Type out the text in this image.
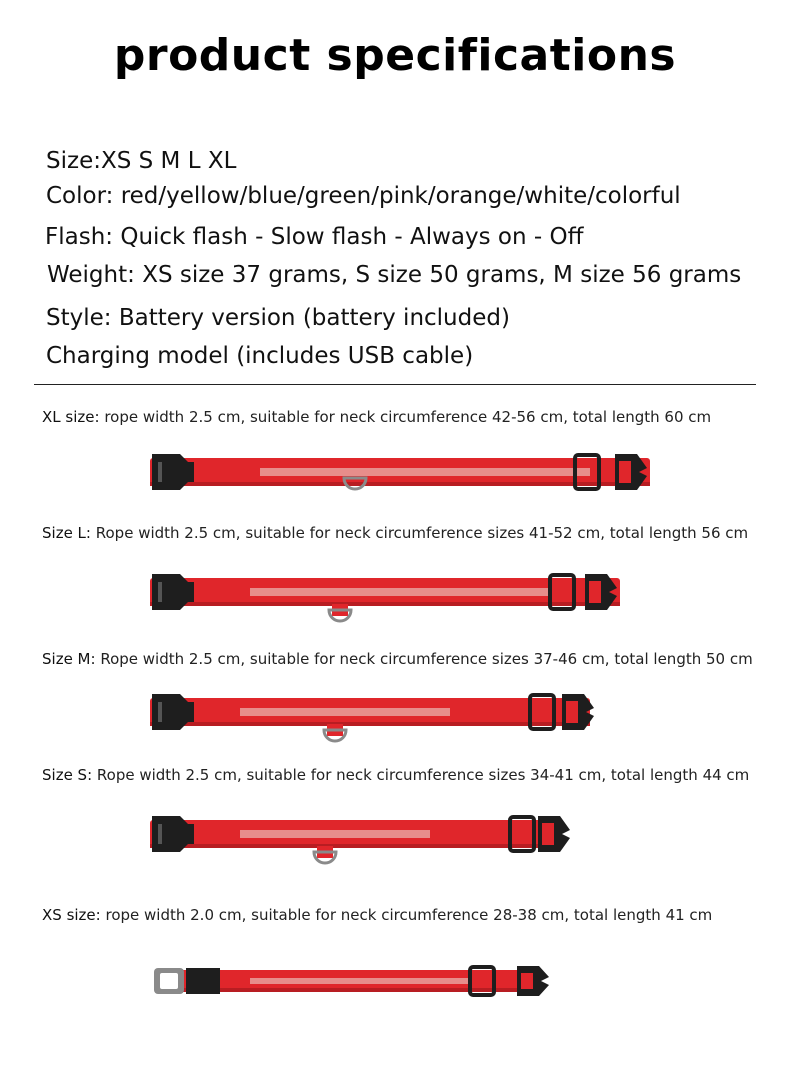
product specifications
Size:XS S M L XL
Color: red/yellow/blue/green/pink/orange/white/colorful
Flash: Quick flash - Slow flash - Always on - Off
Weight: XS size 37 grams, S size 50 grams, M size 56 grams
Style: Battery version (battery included)
Charging model (includes USB cable)
XL size: rope width 2.5 cm, suitable for neck circumference 42-56 cm, total length 60 cm
Size L: Rope width 2.5 cm, suitable for neck circumference sizes 41-52 cm, total length 56 cm
Size M: Rope width 2.5 cm, suitable for neck circumference sizes 37-46 cm, total length 50 cm
Size S: Rope width 2.5 cm, suitable for neck circumference sizes 34-41 cm, total length 44 cm
XS size: rope width 2.0 cm, suitable for neck circumference 28-38 cm, total length 41 cm
